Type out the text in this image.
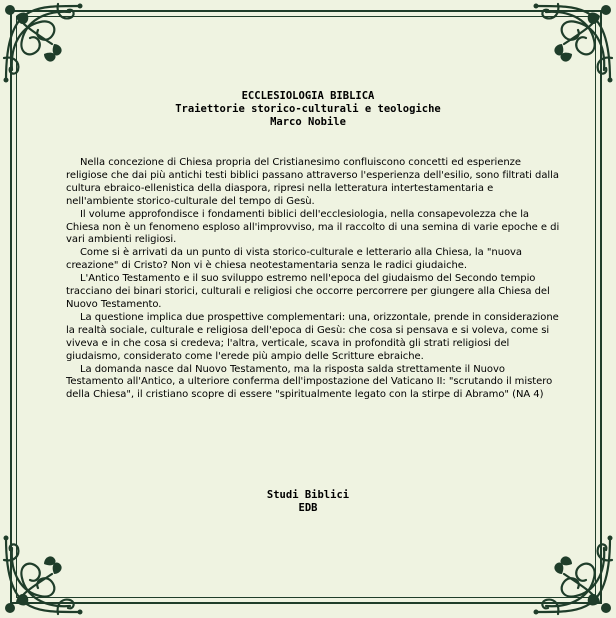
ECCLESIOLOGIA BIBLICA
Traiettorie storico-culturali e teologiche
Marco Nobile

Nella concezione di Chiesa propria del Cristianesimo confluiscono concetti ed esperienze religiose che dai più antichi testi biblici passano attraverso l'esperienza dell'esilio, sono filtrati dalla cultura ebraico-ellenistica della diaspora, ripresi nella letteratura intertestamentaria e nell'ambiente storico-culturale del tempo di Gesù.

Il volume approfondisce i fondamenti biblici dell'ecclesiologia, nella consapevolezza che la Chiesa non è un fenomeno esploso all'improvviso, ma il raccolto di una semina di varie epoche e di vari ambienti religiosi.

Come si è arrivati da un punto di vista storico-culturale e letterario alla Chiesa, la "nuova creazione" di Cristo? Non vi è chiesa neotestamentaria senza le radici giudaiche.

L'Antico Testamento e il suo sviluppo estremo nell'epoca del giudaismo del Secondo tempio tracciano dei binari storici, culturali e religiosi che occorre percorrere per giungere alla Chiesa del Nuovo Testamento.

La questione implica due prospettive complementari: una, orizzontale, prende in considerazione la realtà sociale, culturale e religiosa dell'epoca di Gesù: che cosa si pensava e si voleva, come si viveva e in che cosa si credeva; l'altra, verticale, scava in profondità gli strati religiosi del giudaismo, considerato come l'erede più ampio delle Scritture ebraiche.

La domanda nasce dal Nuovo Testamento, ma la risposta salda strettamente il Nuovo Testamento all'Antico, a ulteriore conferma dell'impostazione del Vaticano II: "scrutando il mistero della Chiesa", il cristiano scopre di essere "spiritualmente legato con la stirpe di Abramo" (NA 4)

Studi Biblici
EDB
